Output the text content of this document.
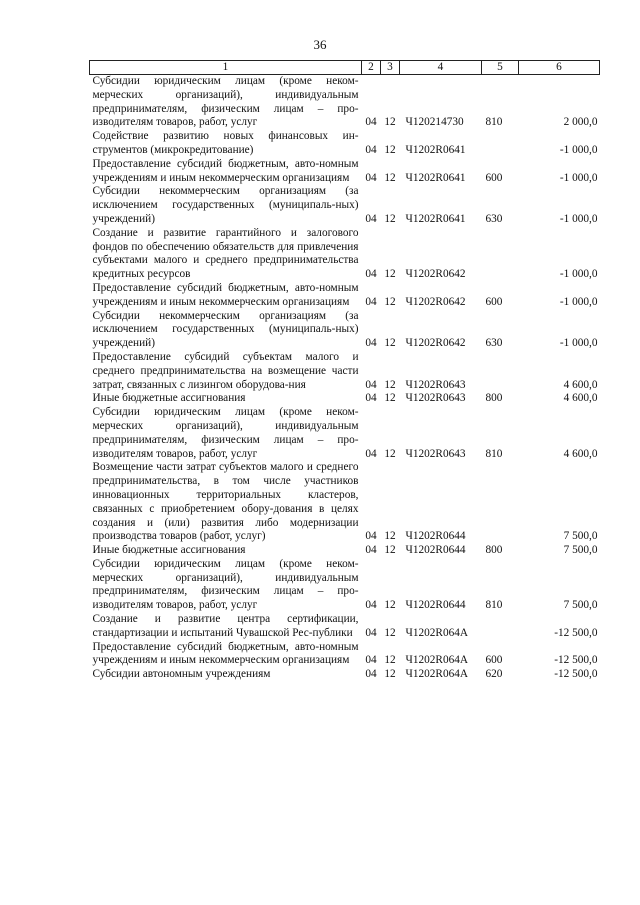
36
1	2	3	4	5	6
Субсидии юридическим лицам (кроме неком-мерческих организаций), индивидуальным предпринимателям, физическим лицам – про-изводителям товаров, работ, услуг	04	12	Ч120214730	810	2 000,0
Содействие развитию новых финансовых ин-струментов (микрокредитование)	04	12	Ч1202R0641		-1 000,0
Предоставление субсидий бюджетным, авто-номным учреждениям и иным некоммерческим организациям	04	12	Ч1202R0641	600	-1 000,0
Субсидии некоммерческим организациям (за исключением государственных (муниципаль-ных) учреждений)	04	12	Ч1202R0641	630	-1 000,0
Создание и развитие гарантийного и залогового фондов по обеспечению обязательств для привлечения субъектами малого и среднего предпринимательства кредитных ресурсов	04	12	Ч1202R0642		-1 000,0
Предоставление субсидий бюджетным, авто-номным учреждениям и иным некоммерческим организациям	04	12	Ч1202R0642	600	-1 000,0
Субсидии некоммерческим организациям (за исключением государственных (муниципаль-ных) учреждений)	04	12	Ч1202R0642	630	-1 000,0
Предоставление субсидий субъектам малого и среднего предпринимательства на возмещение части затрат, связанных с лизингом оборудова-ния	04	12	Ч1202R0643		4 600,0
Иные бюджетные ассигнования	04	12	Ч1202R0643	800	4 600,0
Субсидии юридическим лицам (кроме неком-мерческих организаций), индивидуальным предпринимателям, физическим лицам – про-изводителям товаров, работ, услуг	04	12	Ч1202R0643	810	4 600,0
Возмещение части затрат субъектов малого и среднего предпринимательства, в том числе участников инновационных территориальных кластеров, связанных с приобретением обору-дования в целях создания и (или) развития либо модернизации производства товаров (работ, услуг)	04	12	Ч1202R0644		7 500,0
Иные бюджетные ассигнования	04	12	Ч1202R0644	800	7 500,0
Субсидии юридическим лицам (кроме неком-мерческих организаций), индивидуальным предпринимателям, физическим лицам – про-изводителям товаров, работ, услуг	04	12	Ч1202R0644	810	7 500,0
Создание и развитие центра сертификации, стандартизации и испытаний Чувашской Рес-публики	04	12	Ч1202R064А		-12 500,0
Предоставление субсидий бюджетным, авто-номным учреждениям и иным некоммерческим организациям	04	12	Ч1202R064А	600	-12 500,0
Субсидии автономным учреждениям	04	12	Ч1202R064А	620	-12 500,0
